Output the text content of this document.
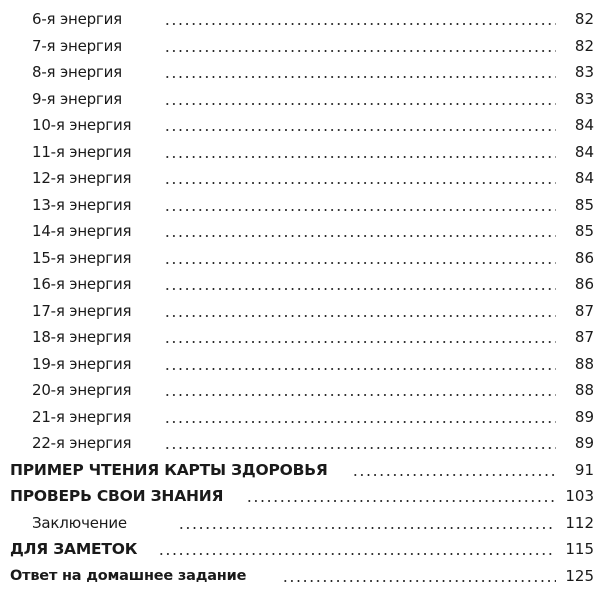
6-я энергия	82
7-я энергия	82
8-я энергия	83
9-я энергия	83
10-я энергия	84
11-я энергия	84
12-я энергия	84
13-я энергия	85
14-я энергия	85
15-я энергия	86
16-я энергия	86
17-я энергия	87
18-я энергия	87
19-я энергия	88
20-я энергия	88
21-я энергия	89
22-я энергия	89
ПРИМЕР ЧТЕНИЯ КАРТЫ ЗДОРОВЬЯ	91
ПРОВЕРЬ СВОИ ЗНАНИЯ	103
Заключение	112
ДЛЯ ЗАМЕТОК	115
Ответ на домашнее задание	125
